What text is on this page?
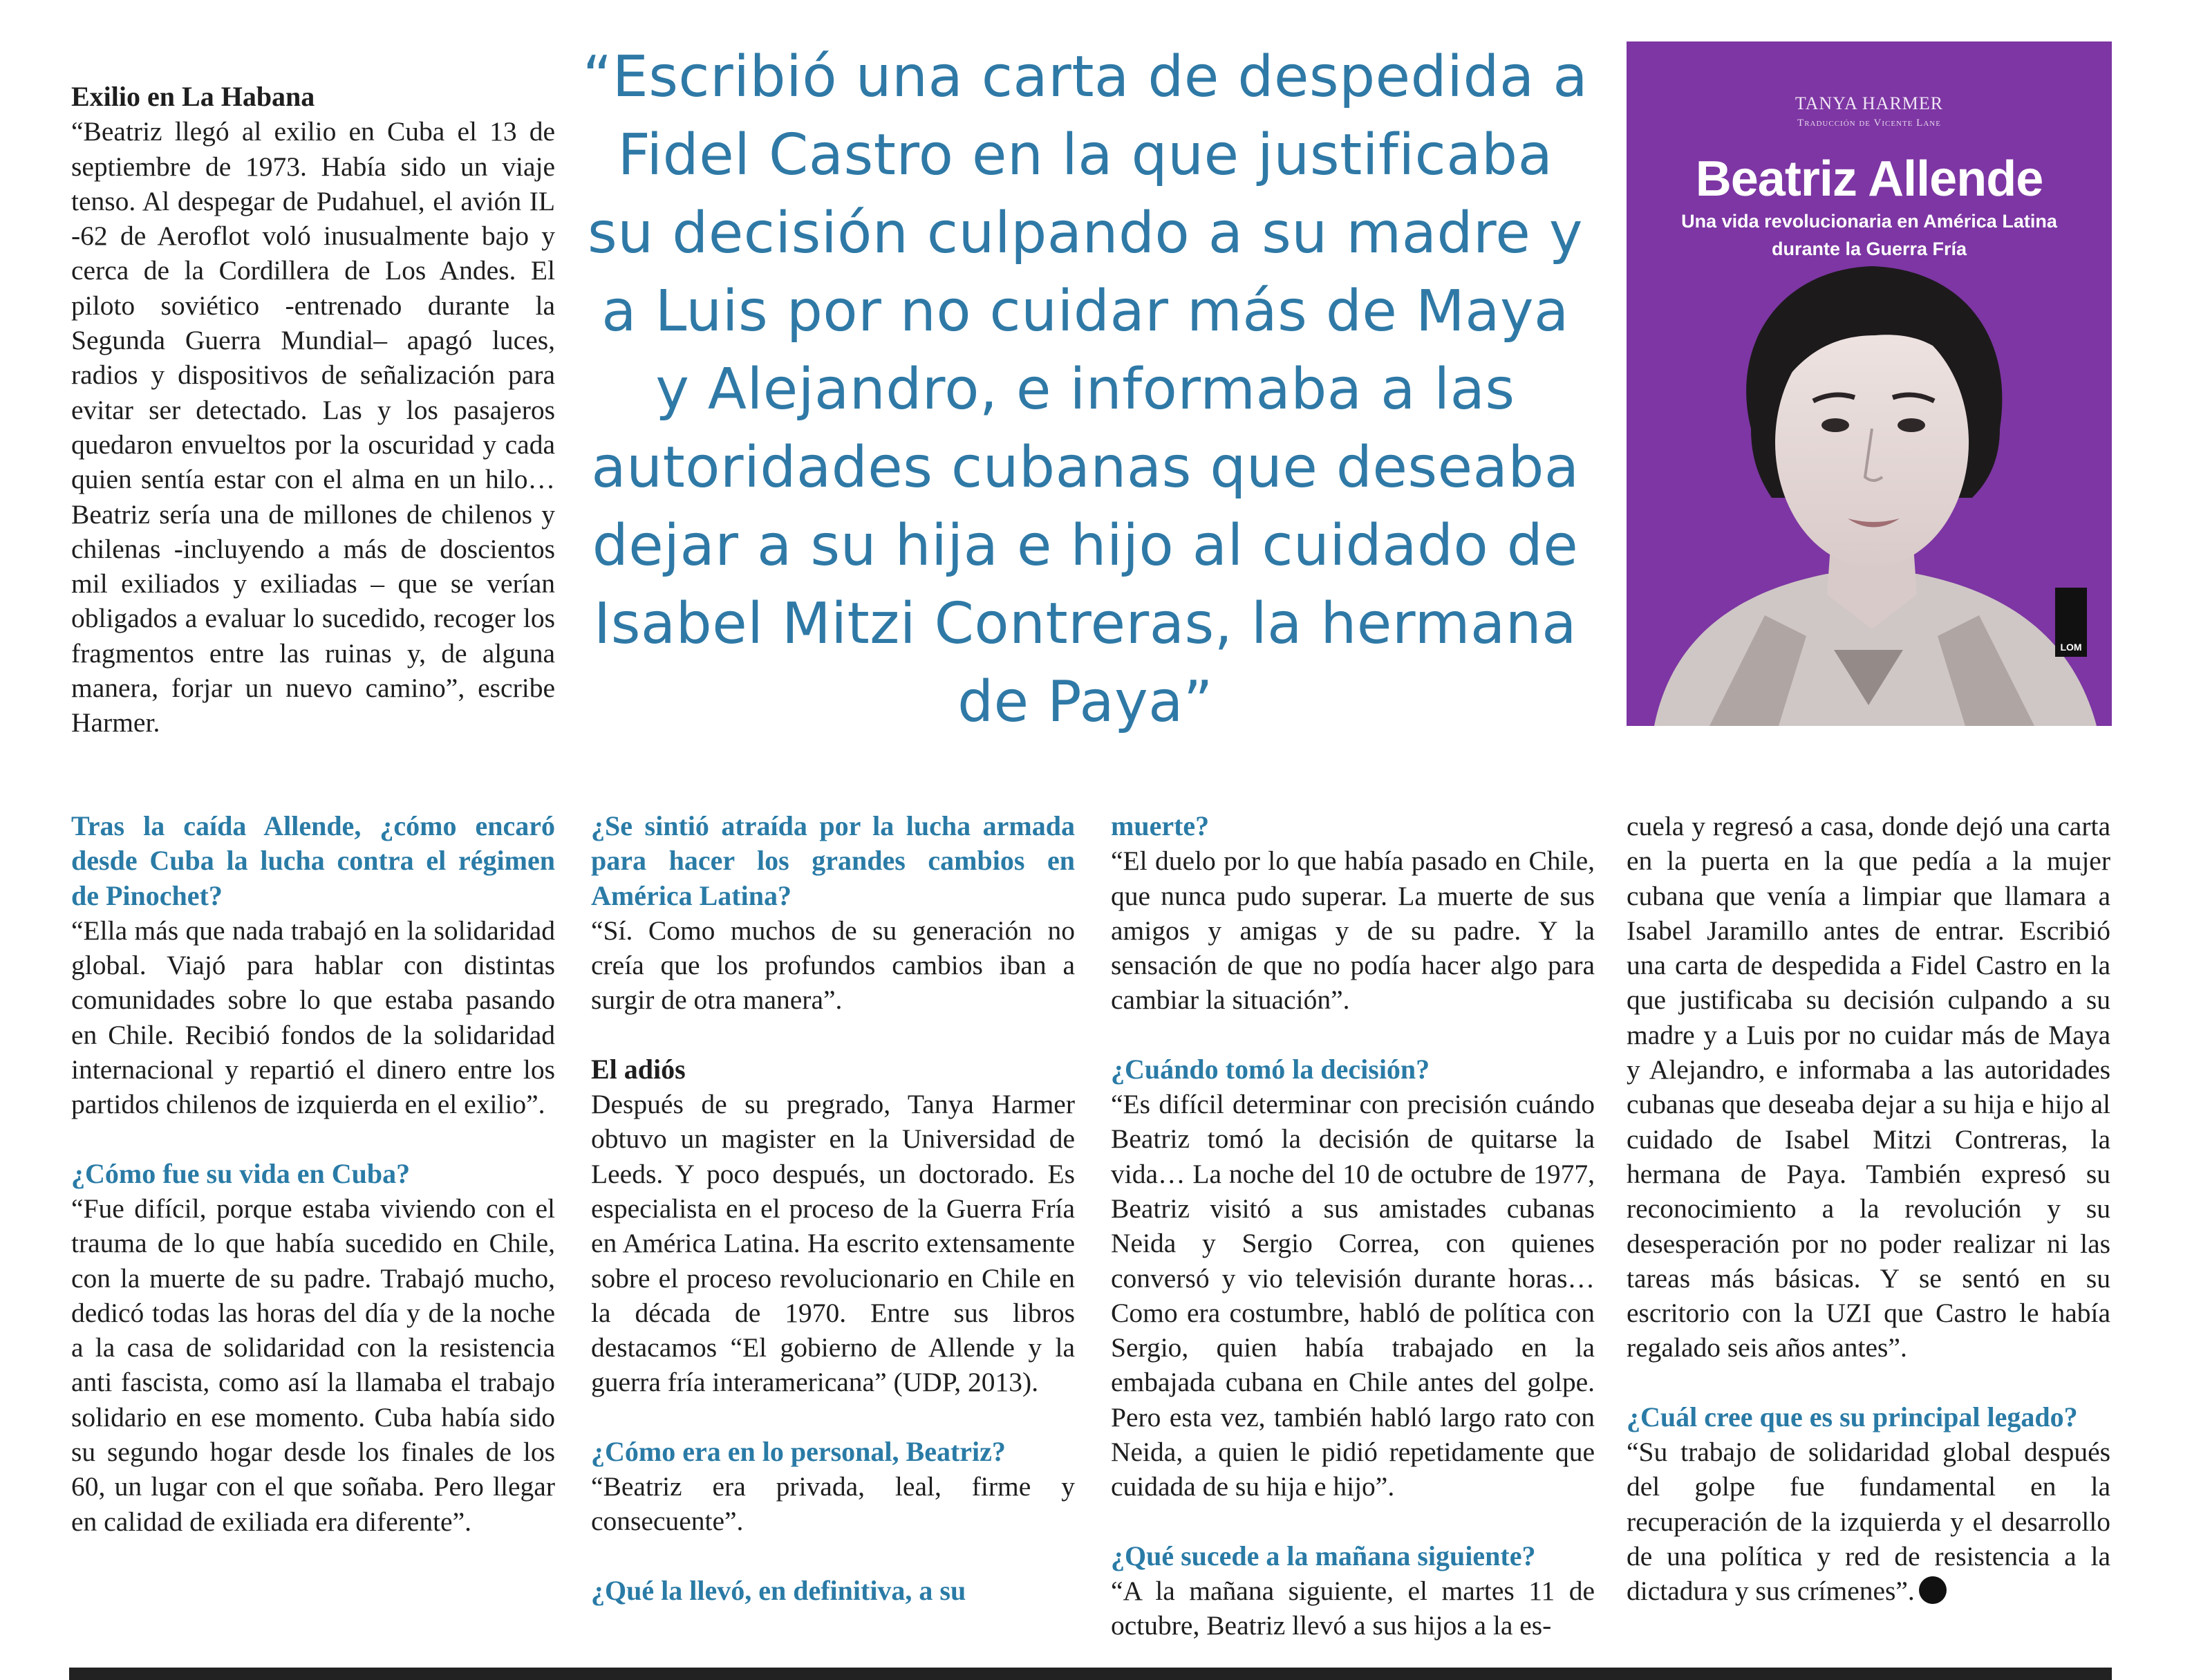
Exilio en La Habana

“Beatriz llegó al exilio en Cuba el 13 de septiembre de 1973. Había sido un viaje tenso. Al despegar de Pudahuel, el avión IL -62 de Aeroflot voló inusualmente bajo y cerca de la Cordillera de Los Andes. El piloto soviético -entrenado durante la Segunda Guerra Mundial– apagó luces, radios y dispositivos de señalización para evitar ser detectado. Las y los pasajeros quedaron envueltos por la oscuridad y cada quien sentía estar con el alma en un hilo… Beatriz sería una de millones de chilenos y chilenas -incluyendo a más de doscientos mil exiliados y exiliadas – que se verían obligados a evaluar lo sucedido, recoger los fragmentos entre las ruinas y, de alguna manera, forjar un nuevo camino”, escribe Harmer.

“Escribió una carta de despedida a Fidel Castro en la que justificaba su decisión culpando a su madre y a Luis por no cuidar más de Maya y Alejandro, e informaba a las autoridades cubanas que deseaba dejar a su hija e hijo al cuidado de Isabel Mitzi Contreras, la hermana de Paya”
TANYA HARMER
Traducción de Vicente Lane
Beatriz Allende
Una vida revolucionaria en América Latina durante la Guerra Fría
LOM
Tras la caída Allende, ¿cómo encaró desde Cuba la lucha contra el régimen de Pinochet?

“Ella más que nada trabajó en la solidaridad global. Viajó para hablar con distintas comunidades sobre lo que estaba pasando en Chile. Recibió fondos de la solidaridad internacional y repartió el dinero entre los partidos chilenos de izquierda en el exilio”.

¿Cómo fue su vida en Cuba?

“Fue difícil, porque estaba viviendo con el trauma de lo que había sucedido en Chile, con la muerte de su padre. Trabajó mucho, dedicó todas las horas del día y de la noche a la casa de solidaridad con la resistencia anti fascista, como así la llamaba el trabajo solidario en ese momento. Cuba había sido su segundo hogar desde los finales de los 60, un lugar con el que soñaba. Pero llegar en calidad de exiliada era diferente”.

¿Se sintió atraída por la lucha armada para hacer los grandes cambios en América Latina?

“Sí. Como muchos de su generación no creía que los profundos cambios iban a surgir de otra manera”.

El adiós

Después de su pregrado, Tanya Harmer obtuvo un magister en la Universidad de Leeds. Y poco después, un doctorado. Es especialista en el proceso de la Guerra Fría en América Latina. Ha escrito extensamente sobre el proceso revolucionario en Chile en la década de 1970. Entre sus libros destacamos “El gobierno de Allende y la guerra fría interamericana” (UDP, 2013).

¿Cómo era en lo personal, Beatriz?

“Beatriz era privada, leal, firme y consecuente”.

¿Qué la llevó, en definitiva, a su
muerte?

“El duelo por lo que había pasado en Chile, que nunca pudo superar. La muerte de sus amigos y amigas y de su padre. Y la sensación de que no podía hacer algo para cambiar la situación”.

¿Cuándo tomó la decisión?

“Es difícil determinar con precisión cuándo Beatriz tomó la decisión de quitarse la vida… La noche del 10 de octubre de 1977, Beatriz visitó a sus amistades cubanas Neida y Sergio Correa, con quienes conversó y vio televisión durante horas… Como era costumbre, habló de política con Sergio, quien había trabajado en la embajada cubana en Chile antes del golpe. Pero esta vez, también habló largo rato con Neida, a quien le pidió repetidamente que cuidada de su hija e hijo”.

¿Qué sucede a la mañana siguiente?

“A la mañana siguiente, el martes 11 de octubre, Beatriz llevó a sus hijos a la es-

cuela y regresó a casa, donde dejó una carta en la puerta en la que pedía a la mujer cubana que venía a limpiar que llamara a Isabel Jaramillo antes de entrar. Escribió una carta de despedida a Fidel Castro en la que justificaba su decisión culpando a su madre y a Luis por no cuidar más de Maya y Alejandro, e informaba a las autoridades cubanas que deseaba dejar a su hija e hijo al cuidado de Isabel Mitzi Contreras, la hermana de Paya. También expresó su reconocimiento a la revolución y su desesperación por no poder realizar ni las tareas más básicas. Y se sentó en su escritorio con la UZI que Castro le había regalado seis años antes”.

¿Cuál cree que es su principal legado?

“Su trabajo de solidaridad global después del golpe fue fundamental en la recuperación de la izquierda y el desarrollo de una política y red de resistencia a la dictadura y sus crímenes”.
